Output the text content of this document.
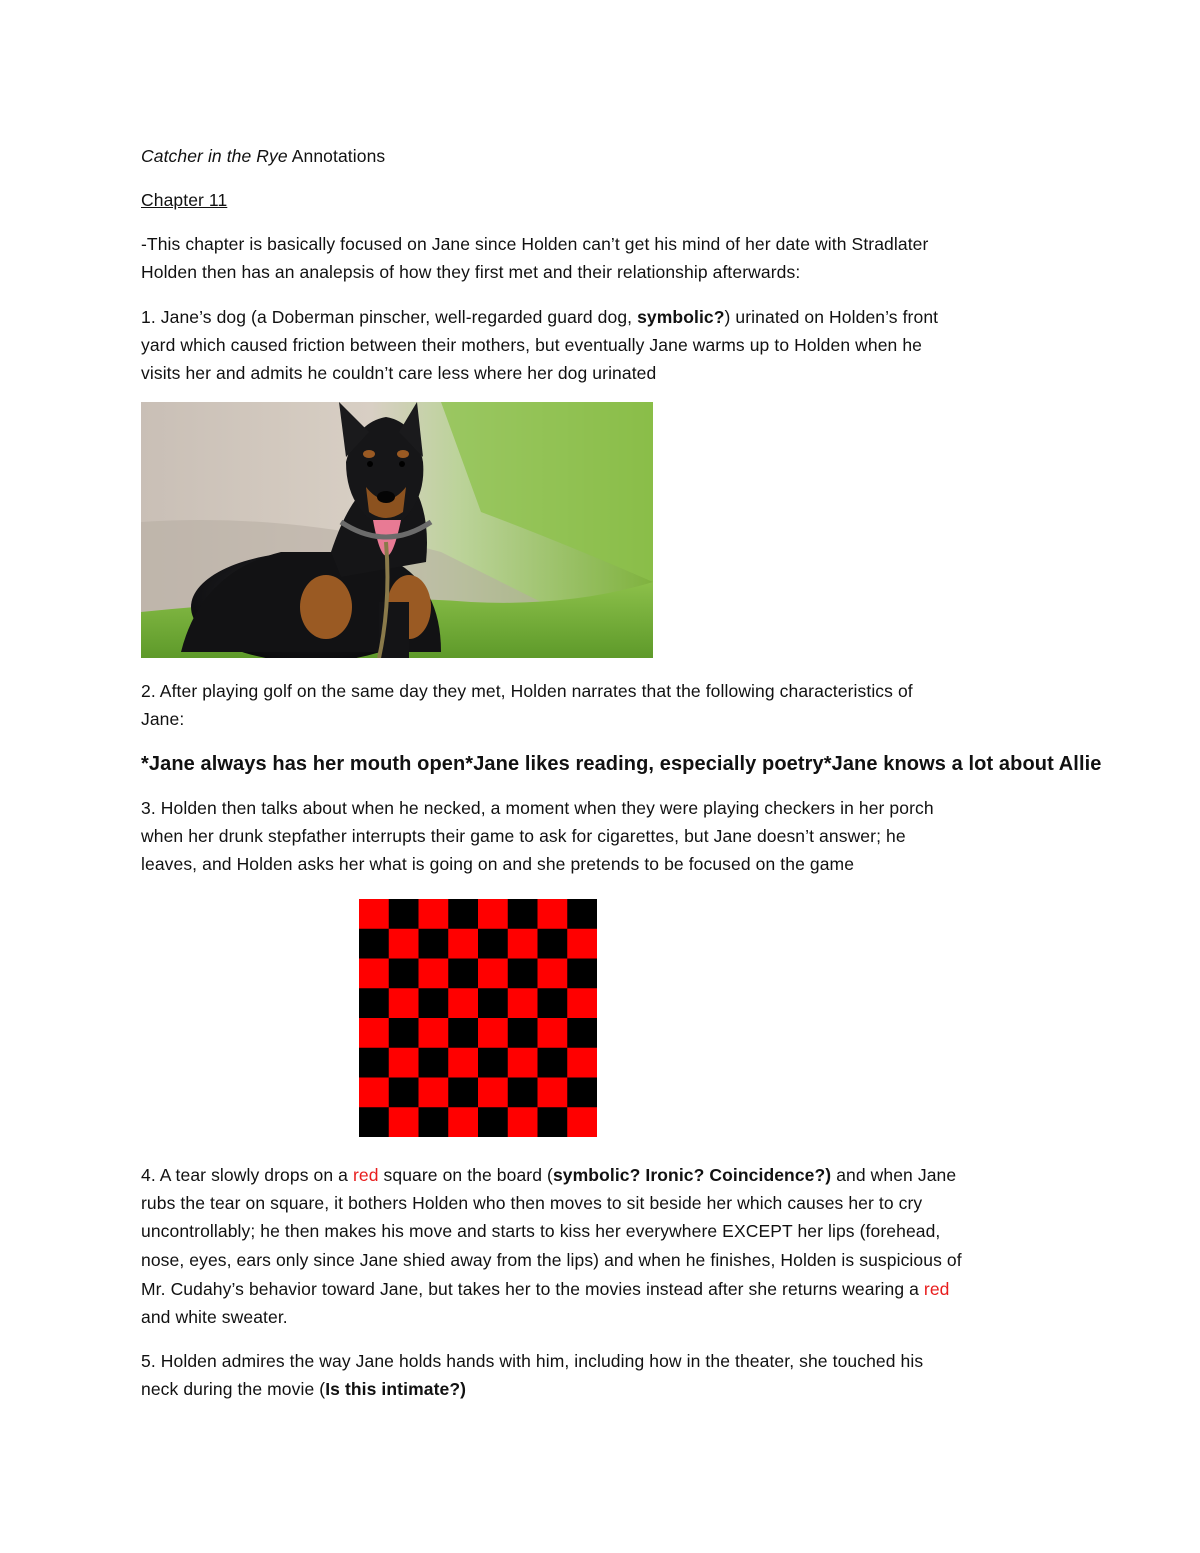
Catcher in the Rye Annotations
Chapter 11
-This chapter is basically focused on Jane since Holden can’t get his mind of her date with Stradlater
Holden then has an analepsis of how they first met and their relationship afterwards:
1. Jane’s dog (a Doberman pinscher, well-regarded guard dog, symbolic?) urinated on Holden’s front
yard which caused friction between their mothers, but eventually Jane warms up to Holden when he
visits her and admits he couldn’t care less where her dog urinated
2. After playing golf on the same day they met, Holden narrates that the following characteristics of
Jane:
*Jane always has her mouth open*Jane likes reading, especially poetry*Jane knows a lot about Allie
3. Holden then talks about when he necked, a moment when they were playing checkers in her porch
when her drunk stepfather interrupts their game to ask for cigarettes, but Jane doesn’t answer; he
leaves, and Holden asks her what is going on and she pretends to be focused on the game
4. A tear slowly drops on a red square on the board (symbolic? Ironic? Coincidence?) and when Jane
rubs the tear on square, it bothers Holden who then moves to sit beside her which causes her to cry
uncontrollably; he then makes his move and starts to kiss her everywhere EXCEPT her lips (forehead,
nose, eyes, ears only since Jane shied away from the lips) and when he finishes, Holden is suspicious of
Mr. Cudahy’s behavior toward Jane, but takes her to the movies instead after she returns wearing a red
and white sweater.
5. Holden admires the way Jane holds hands with him, including how in the theater, she touched his
neck during the movie (Is this intimate?)
